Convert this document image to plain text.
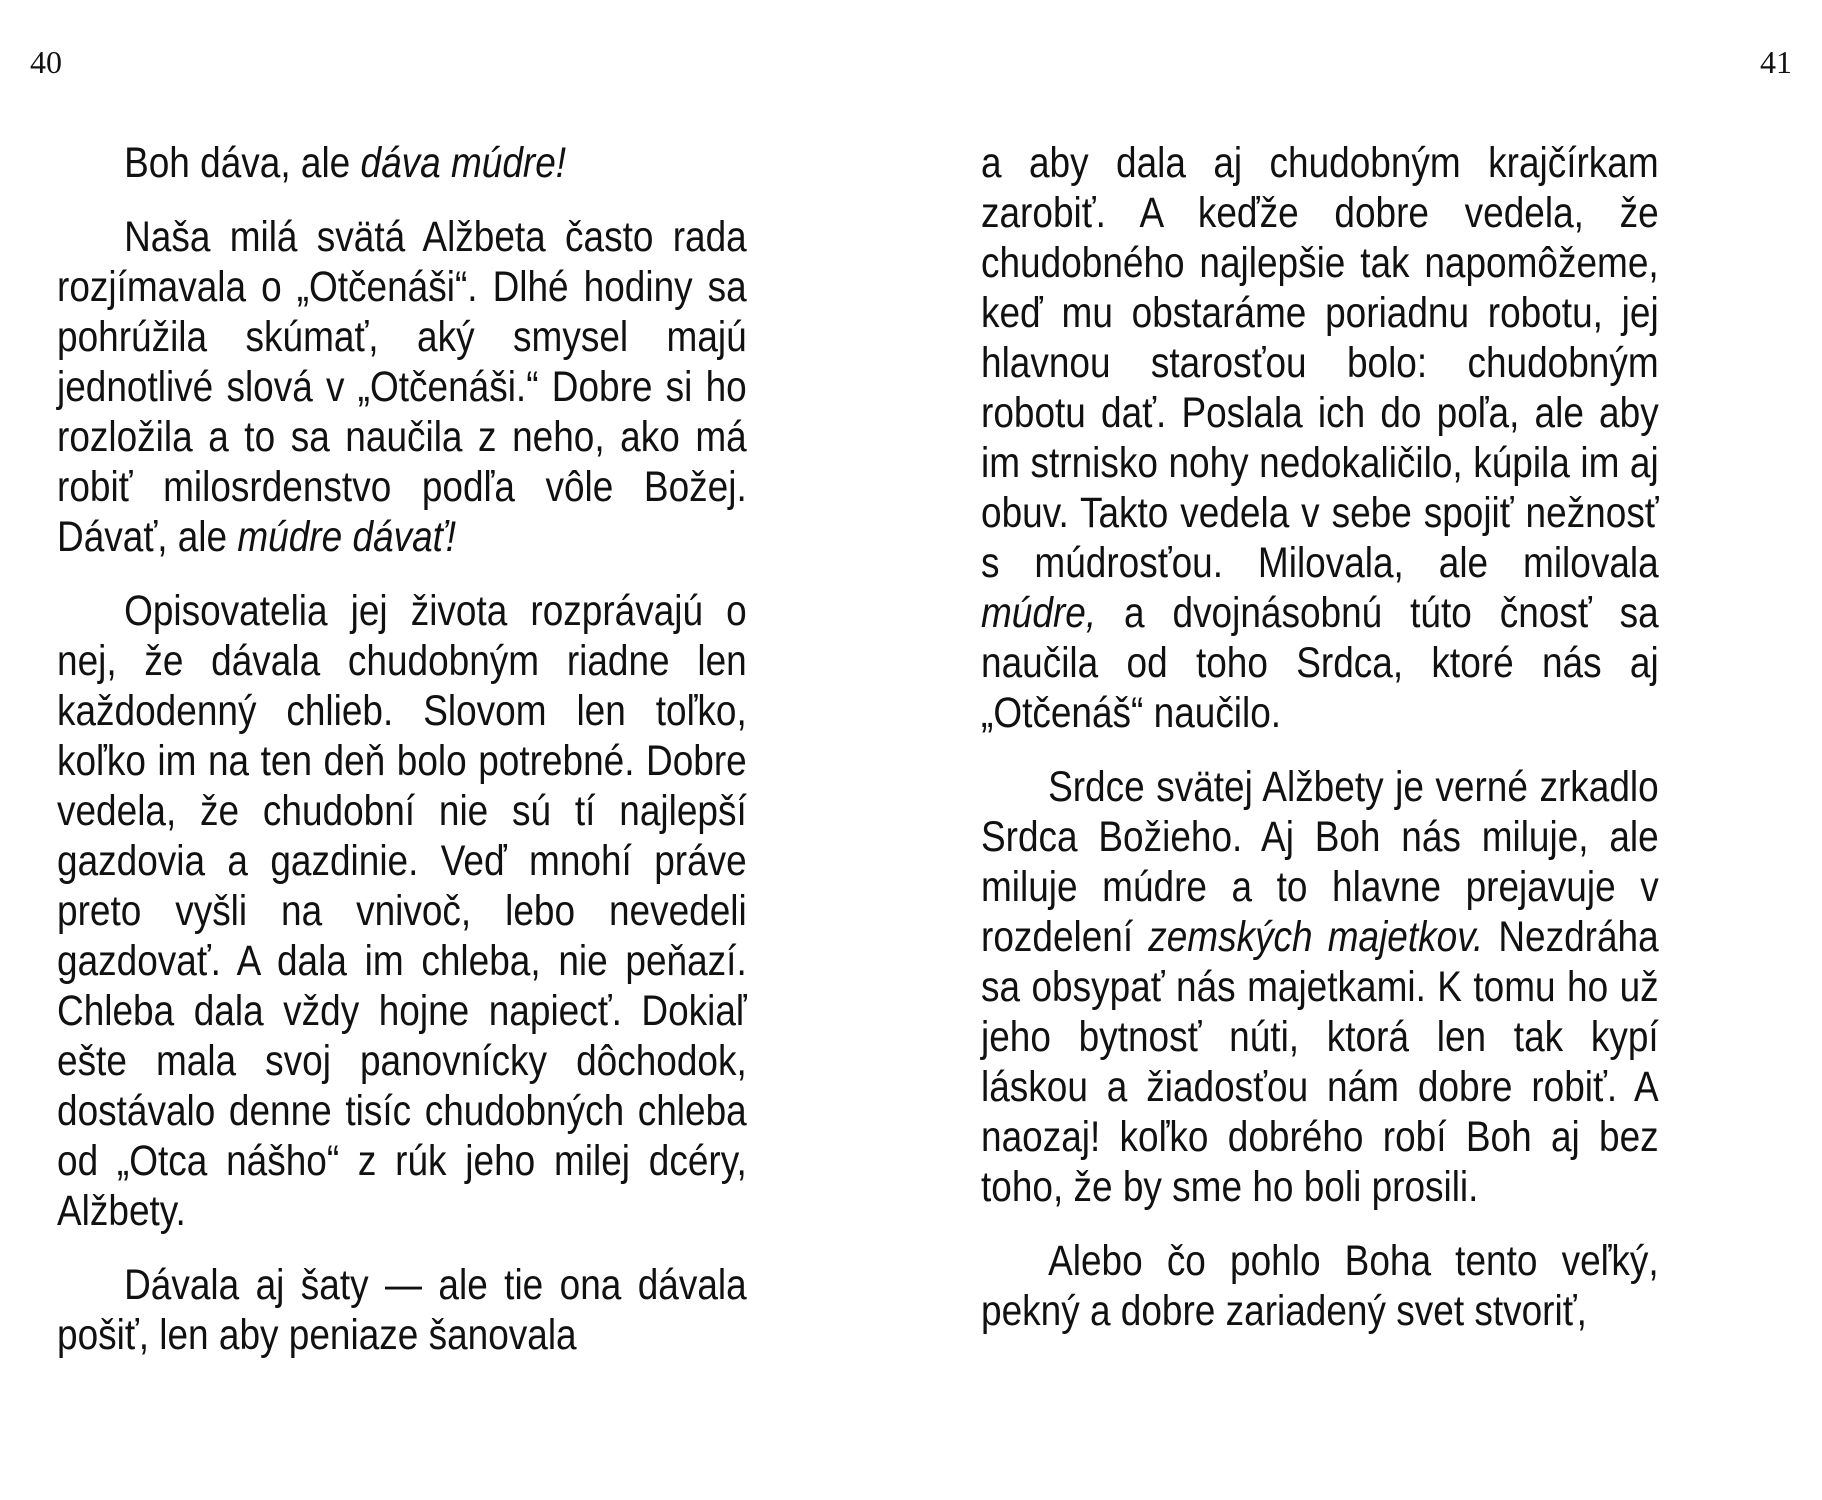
40

Boh dáva, ale dáva múdre!

Naša milá svätá Alžbeta často rada rozjímavala o „Otčenáši“. Dlhé hodiny sa pohrúžila skúmať, aký smysel majú jednotlivé slová v „Otčenáši.“ Dobre si ho rozložila a to sa naučila z neho, ako má robiť milosrdenstvo podľa vôle Božej. Dávať, ale múdre dávať!

Opisovatelia jej života rozprávajú o nej, že dávala chudobným riadne len každodenný chlieb. Slovom len toľko, koľko im na ten deň bolo potrebné. Dobre vedela, že chudobní nie sú tí najlepší gazdovia a gazdinie. Veď mnohí práve preto vyšli na vnivoč, lebo nevedeli gazdovať. A dala im chleba, nie peňazí. Chleba dala vždy hojne napiecť. Dokiaľ ešte mala svoj panovnícky dôchodok, dostávalo denne tisíc chudobných chleba od „Otca nášho“ z rúk jeho milej dcéry, Alžbety.

Dávala aj šaty — ale tie ona dávala pošiť, len aby peniaze šanovala

41

a aby dala aj chudobným krajčírkam zarobiť. A keďže dobre vedela, že chudobného najlepšie tak napomôžeme, keď mu obstaráme poriadnu robotu, jej hlavnou starosťou bolo: chudobným robotu dať. Poslala ich do poľa, ale aby im strnisko nohy nedokaličilo, kúpila im aj obuv. Takto vedela v sebe spojiť nežnosť s múdrosťou. Milovala, ale milovala múdre, a dvojnásobnú túto čnosť sa naučila od toho Srdca, ktoré nás aj „Otčenáš“ naučilo.

Srdce svätej Alžbety je verné zrkadlo Srdca Božieho. Aj Boh nás miluje, ale miluje múdre a to hlavne prejavuje v rozdelení zemských majetkov. Nezdráha sa obsypať nás majetkami. K tomu ho už jeho bytnosť núti, ktorá len tak kypí láskou a žiadosťou nám dobre robiť. A naozaj! koľko dobrého robí Boh aj bez toho, že by sme ho boli prosili.

Alebo čo pohlo Boha tento veľký, pekný a dobre zariadený svet stvoriť,
